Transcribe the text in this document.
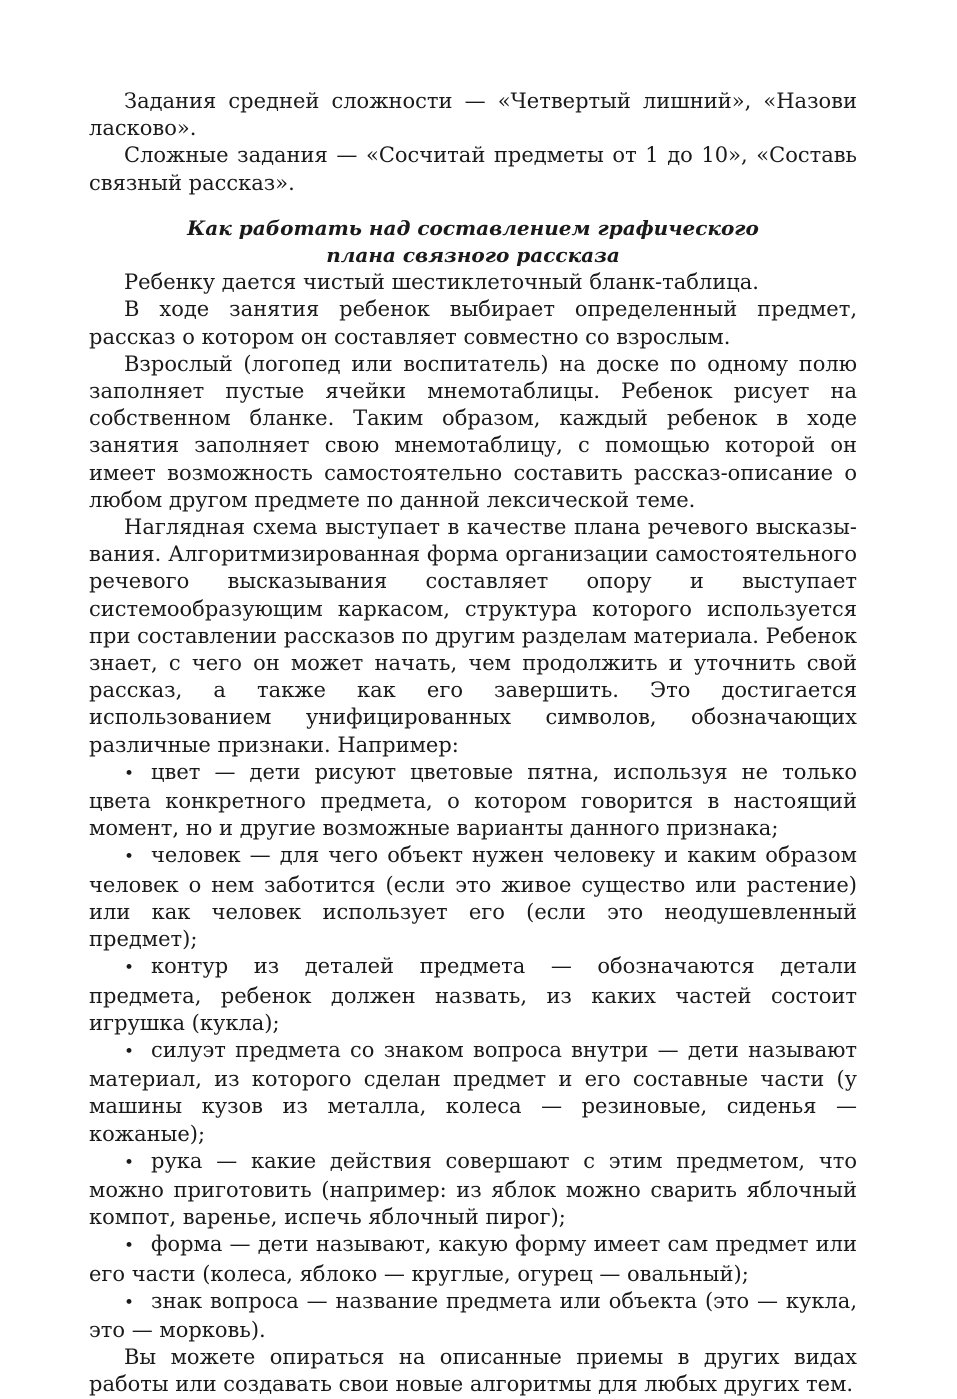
Задания средней сложности — «Четвертый лишний», «Назови ласково».

Сложные задания — «Сосчитай предметы от 1 до 10», «Составь связный рассказ».

Как работать над составлением графического
плана связного рассказа

Ребенку дается чистый шестиклеточный бланк-таблица.

В ходе занятия ребенок выбирает определенный предмет, рассказ о котором он составляет совместно со взрослым.

Взрослый (логопед или воспитатель) на доске по одному полю заполняет пустые ячейки мнемотаблицы. Ребенок рисует на собственном бланке. Таким образом, каждый ребенок в ходе занятия заполняет свою мнемотаблицу, с помощью которой он имеет возможность самостоятельно составить рассказ-описание о любом другом предмете по данной лексической теме.

Наглядная схема выступает в качестве плана речевого высказывания. Алгоритмизированная форма организации самостоятельного речевого высказывания составляет опору и выступает системообразующим каркасом, структура которого используется при составлении рассказов по другим разделам материала. Ребенок знает, с чего он может начать, чем продолжить и уточнить свой рассказ, а также как его завершить. Это достигается использованием унифицированных символов, обозначающих различные признаки. Например:

• цвет — дети рисуют цветовые пятна, используя не только цвета конкретного предмета, о котором говорится в настоящий момент, но и другие возможные варианты данного признака;

• человек — для чего объект нужен человеку и каким образом человек о нем заботится (если это живое существо или растение) или как человек использует его (если это неодушевленный предмет);

• контур из деталей предмета — обозначаются детали предмета, ребенок должен назвать, из каких частей состоит игрушка (кукла);

• силуэт предмета со знаком вопроса внутри — дети называют материал, из которого сделан предмет и его составные части (у машины кузов из металла, колеса — резиновые, сиденья — кожаные);

• рука — какие действия совершают с этим предметом, что можно приготовить (например: из яблок можно сварить яблочный компот, варенье, испечь яблочный пирог);

• форма — дети называют, какую форму имеет сам предмет или его части (колеса, яблоко — круглые, огурец — овальный);

• знак вопроса — название предмета или объекта (это — кукла, это — морковь).

Вы можете опираться на описанные приемы в других видах работы или создавать свои новые алгоритмы для любых других тем.
